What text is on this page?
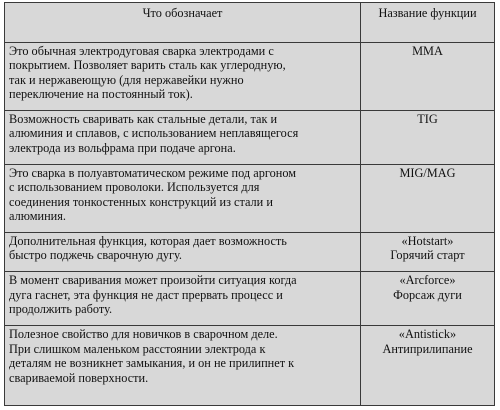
Что обозначает	Название функции

Это обычная электродуговая сварка электродами с
покрытием. Позволяет варить сталь как углеродную,
так и нержавеющую (для нержавейки нужно
переключение на постоянный ток).	MMA

Возможность сваривать как стальные детали, так и
алюминия и сплавов, с использованием неплавящегося
электрода из вольфрама при подаче аргона.	TIG

Это сварка в полуавтоматическом режиме под аргоном
с использованием проволоки. Используется для
соединения тонкостенных конструкций из стали и
алюминия.	MIG/MAG

Дополнительная функция, которая дает возможность
быстро поджечь сварочную дугу.	«Hotstart»
Горячий старт

В момент сваривания может произойти ситуация когда
дуга гаснет, эта функция не даст прервать процесс и
продолжить работу.	«Arcforce»
Форсаж дуги

Полезное свойство для новичков в сварочном деле.
При слишком маленьком расстоянии электрода к
деталям не возникнет замыкания, и он не прилипнет к
свариваемой поверхности.	«Antistick»
Антиприлипание
